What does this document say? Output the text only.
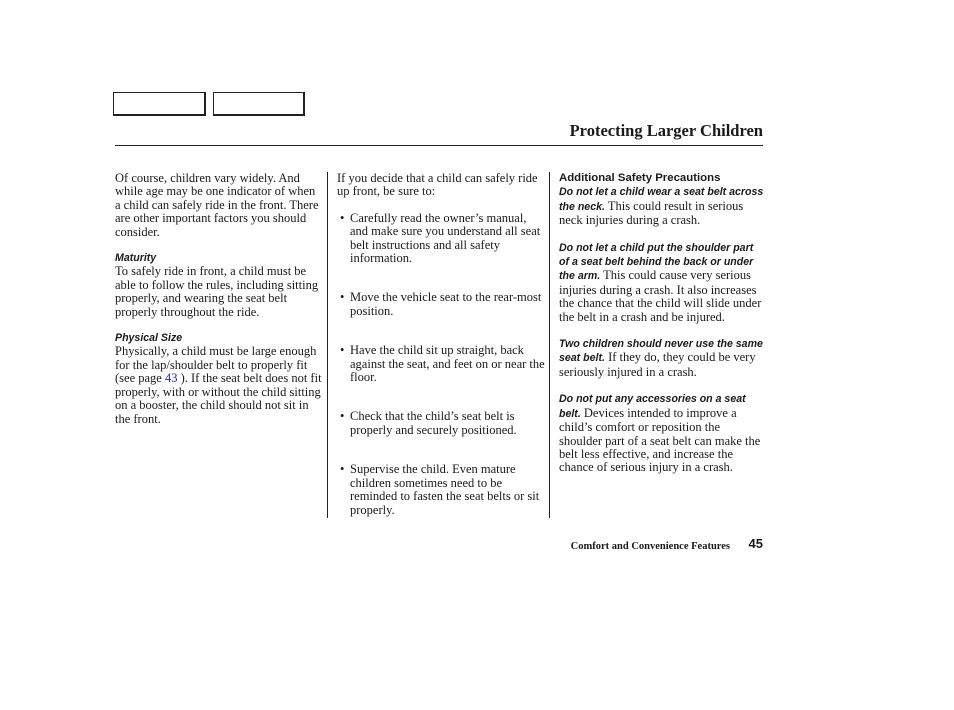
Protecting Larger Children

Of course, children vary widely. And while age may be one indicator of when a child can safely ride in the front. There are other important factors you should consider.

Maturity

To safely ride in front, a child must be able to follow the rules, including sitting properly, and wearing the seat belt properly throughout the ride.

Physical Size

Physically, a child must be large enough for the lap/shoulder belt to properly fit (see page 43 ). If the seat belt does not fit properly, with or without the child sitting on a booster, the child should not sit in the front.

If you decide that a child can safely ride up front, be sure to:

• Carefully read the owner’s manual, and make sure you understand all seat belt instructions and all safety information.
• Move the vehicle seat to the rear-most position.
• Have the child sit up straight, back against the seat, and feet on or near the floor.
• Check that the child’s seat belt is properly and securely positioned.
• Supervise the child. Even mature children sometimes need to be reminded to fasten the seat belts or sit properly.

Additional Safety Precautions

Do not let a child wear a seat belt across the neck. This could result in serious neck injuries during a crash.

Do not let a child put the shoulder part of a seat belt behind the back or under the arm. This could cause very serious injuries during a crash. It also increases the chance that the child will slide under the belt in a crash and be injured.

Two children should never use the same seat belt. If they do, they could be very seriously injured in a crash.

Do not put any accessories on a seat belt. Devices intended to improve a child’s comfort or reposition the shoulder part of a seat belt can make the belt less effective, and increase the chance of serious injury in a crash.

Comfort and Convenience Features 45
